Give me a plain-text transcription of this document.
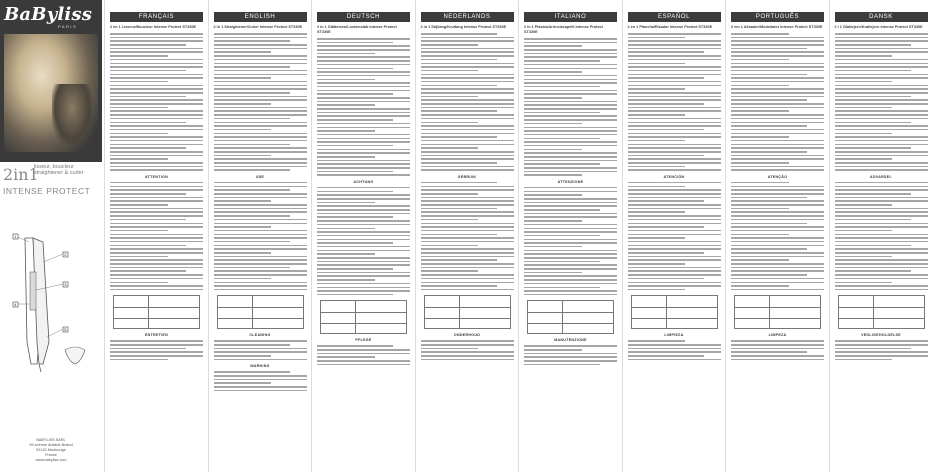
BaByliss
PARIS
2in1
lisseur, boucleur
straightener & curler
INTENSE PROTECT
1
2
3
4
5
BABYLISS SARL
99 avenue Aristide Briand
92120 Montrouge
France
www.babyliss.com
FRANÇAIS
2 en 1 Lisseur/Boucleur Intense Protect ST330E
ATTENTION
ENTRETIEN
ENGLISH
2 in 1 Straightener/Curler Intense Protect ST330E
USE
CLEANING
WARNING
DEUTSCH
2 in 1 Glätteisen/Lockenstab Intense Protect ST330E
ACHTUNG
PFLEGE
NEDERLANDS
2 in 1 Stijltang/Krultang Intense Protect ST330E
GEBRUIK
ONDERHOUD
ITALIANO
2 in 1 Piastra/Arricciacapelli Intense Protect ST330E
ATTENZIONE
MANUTENZIONE
ESPAÑOL
2 en 1 Plancha/Rizador Intense Protect ST330E
ATENCIÓN
LIMPIEZA
PORTUGUÊS
2 em 1 Alisador/Modelador Intense Protect ST330E
ATENÇÃO
LIMPEZA
DANSK
2 i 1 Glattejern/Krøllejern Intense Protect ST330E
ADVARSEL
VEDLIGEHOLDELSE
